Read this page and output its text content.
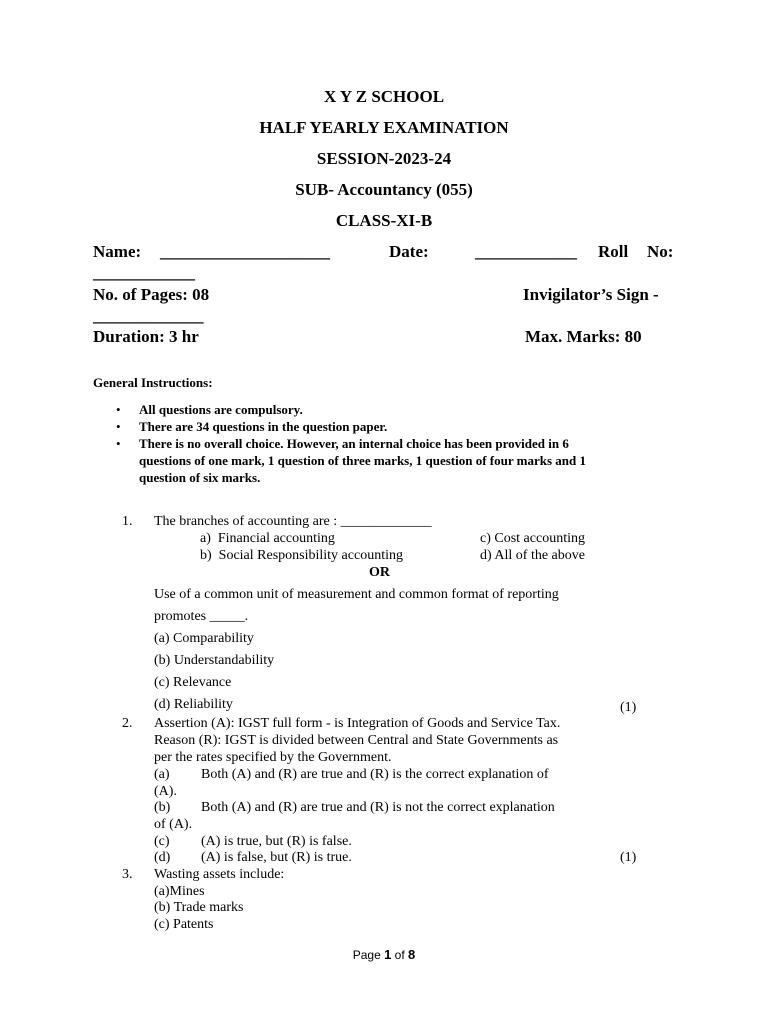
X Y Z SCHOOL
HALF YEARLY EXAMINATION
SESSION-2023-24
SUB- Accountancy (055)
CLASS-XI-B
Name: ____________________	Date:	____________ Roll No:
____________
No. of Pages: 08	Invigilator’s Sign -
_____________
Duration: 3 hr	Max. Marks: 80
General Instructions:
• All questions are compulsory.
• There are 34 questions in the question paper.
• There is no overall choice. However, an internal choice has been provided in 6
questions of one mark, 1 question of three marks, 1 question of four marks and 1
question of six marks.
1. The branches of accounting are : _____________
a)  Financial accounting	c) Cost accounting
b)  Social Responsibility accounting	d) All of the above
OR
Use of a common unit of measurement and common format of reporting
promotes _____.
(a) Comparability
(b) Understandability
(c) Relevance
(d) Reliability	(1)
2. Assertion (A): IGST full form - is Integration of Goods and Service Tax.
Reason (R): IGST is divided between Central and State Governments as
per the rates specified by the Government.
(a) Both (A) and (R) are true and (R) is the correct explanation of
(A).
(b) Both (A) and (R) are true and (R) is not the correct explanation
of (A).
(c) (A) is true, but (R) is false.
(d) (A) is false, but (R) is true.	(1)
3. Wasting assets include:
(a)Mines
(b) Trade marks
(c) Patents
Page 1 of 8
